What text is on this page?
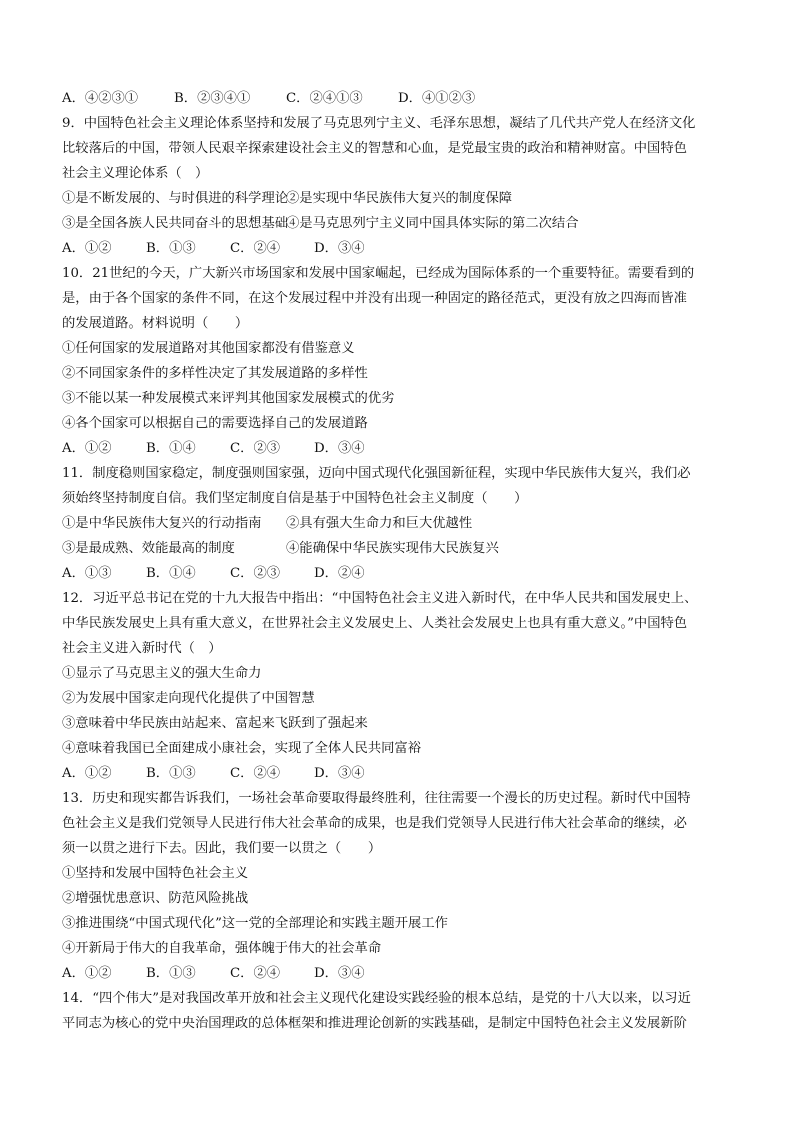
A．④②③①	B．②③④①	C．②④①③	D．④①②③
9．中国特色社会主义理论体系坚持和发展了马克思列宁主义、毛泽东思想，凝结了几代共产党人在经济文化
比较落后的中国，带领人民艰辛探索建设社会主义的智慧和心血，是党最宝贵的政治和精神财富。中国特色
社会主义理论体系（　）
①是不断发展的、与时俱进的科学理论
②是实现中华民族伟大复兴的制度保障
③是全国各族人民共同奋斗的思想基础
④是马克思列宁主义同中国具体实际的第二次结合
A．①②	B．①③	C．②④	D．③④
10．21世纪的今天，广大新兴市场国家和发展中国家崛起，已经成为国际体系的一个重要特征。需要看到的
是，由于各个国家的条件不同，在这个发展过程中并没有出现一种固定的路径范式，更没有放之四海而皆准
的发展道路。材料说明（　　）
①任何国家的发展道路对其他国家都没有借鉴意义
②不同国家条件的多样性决定了其发展道路的多样性
③不能以某一种发展模式来评判其他国家发展模式的优劣
④各个国家可以根据自己的需要选择自己的发展道路
A．①②	B．①④	C．②③	D．③④
11．制度稳则国家稳定，制度强则国家强，迈向中国式现代化强国新征程，实现中华民族伟大复兴，我们必
须始终坚持制度自信。我们坚定制度自信是基于中国特色社会主义制度（　　）
①是中华民族伟大复兴的行动指南	②具有强大生命力和巨大优越性
③是最成熟、效能最高的制度	④能确保中华民族实现伟大民族复兴
A．①③	B．①④	C．②③	D．②④
12．习近平总书记在党的十九大报告中指出：“中国特色社会主义进入新时代，在中华人民共和国发展史上、
中华民族发展史上具有重大意义，在世界社会主义发展史上、人类社会发展史上也具有重大意义。”中国特色
社会主义进入新时代（　）
①显示了马克思主义的强大生命力
②为发展中国家走向现代化提供了中国智慧
③意味着中华民族由站起来、富起来飞跃到了强起来
④意味着我国已全面建成小康社会，实现了全体人民共同富裕
A．①②	B．①③	C．②④	D．③④
13．历史和现实都告诉我们，一场社会革命要取得最终胜利，往往需要一个漫长的历史过程。新时代中国特
色社会主义是我们党领导人民进行伟大社会革命的成果，也是我们党领导人民进行伟大社会革命的继续，必
须一以贯之进行下去。因此，我们要一以贯之（　　）
①坚持和发展中国特色社会主义
②增强忧患意识、防范风险挑战
③推进围绕“中国式现代化”这一党的全部理论和实践主题开展工作
④开新局于伟大的自我革命，强体魄于伟大的社会革命
A．①②	B．①③	C．②④	D．③④
14．“四个伟大”是对我国改革开放和社会主义现代化建设实践经验的根本总结，是党的十八大以来，以习近
平同志为核心的党中央治国理政的总体框架和推进理论创新的实践基础，是制定中国特色社会主义发展新阶
